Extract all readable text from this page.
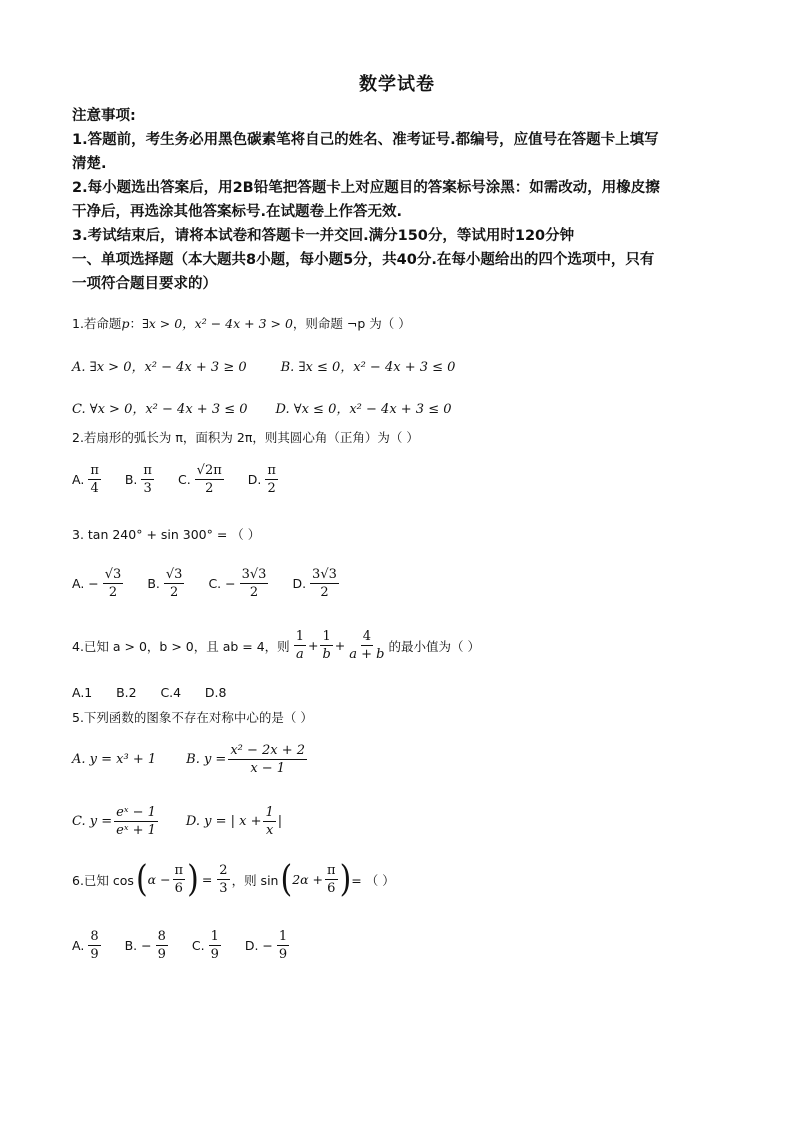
数学试卷

注意事项:

1.答题前，考生务必用黑色碳素笔将自己的姓名、准考证号.都编号，应值号在答题卡上填写

清楚.

2.每小题选出答案后，用2B铅笔把答题卡上对应题目的答案标号涂黑：如需改动，用橡皮擦

干净后，再选涂其他答案标号.在试题卷上作答无效.

3.考试结束后，请将本试卷和答题卡一并交回.满分150分，等试用时120分钟

一、单项选择题（本大题共8小题，每小题5分，共40分.在每小题给出的四个选项中，只有

一项符合题目要求的）

1.若命题p：∃x > 0，x² − 4x + 3 > 0，则命题 ¬p 为（ ）
A. ∃x > 0，x² − 4x + 3 ≥ 0	B. ∃x ≤ 0，x² − 4x + 3 ≤ 0
C. ∀x > 0，x² − 4x + 3 ≤ 0 D. ∀x ≤ 0，x² − 4x + 3 ≤ 0
2.若扇形的弧长为 π，面积为 2π，则其圆心角（正角）为（ ）
A. $\frac{\pi}{4} B$. $\frac{\pi}{3} C$. $\frac{√2\pi}{2} D$. $\frac{\pi}{2}$
3. tan 240° + sin 300° = （ ）
A. − $\frac{√3}{2} B$. $\frac{√3}{2} C$. − $\frac{3√3}{2} D$. $\frac{3√3}{2}$
4.已知 a > 0，b > 0，且 ab = 4，则 $\frac{1}{a} + \frac{1}{b} + \frac{4}{a + b}$ 的最小值为（ ）
A.1      B.2      C.4      D.8
5.下列函数的图象不存在对称中心的是（ ）
A. y = x³ + 1 B. $y = \frac{\text{x² − 2x + 2}}{x - 1}$
C. $y = \frac{\text{eˣ − 1}}{\text{eˣ + 1}} D$. y = | $x + \frac{1}{x}$ |
6.已知 cos ( $\alpha - \frac{\pi}{6}$ ) = $\frac{2}{3}$ ，则 sin ( $2\alpha + \frac{\pi}{6}$ ) = （ ）
A. $\frac{8}{9} B$. − $\frac{8}{9} C$. $\frac{1}{9} D$. − $\frac{1}{9}$
